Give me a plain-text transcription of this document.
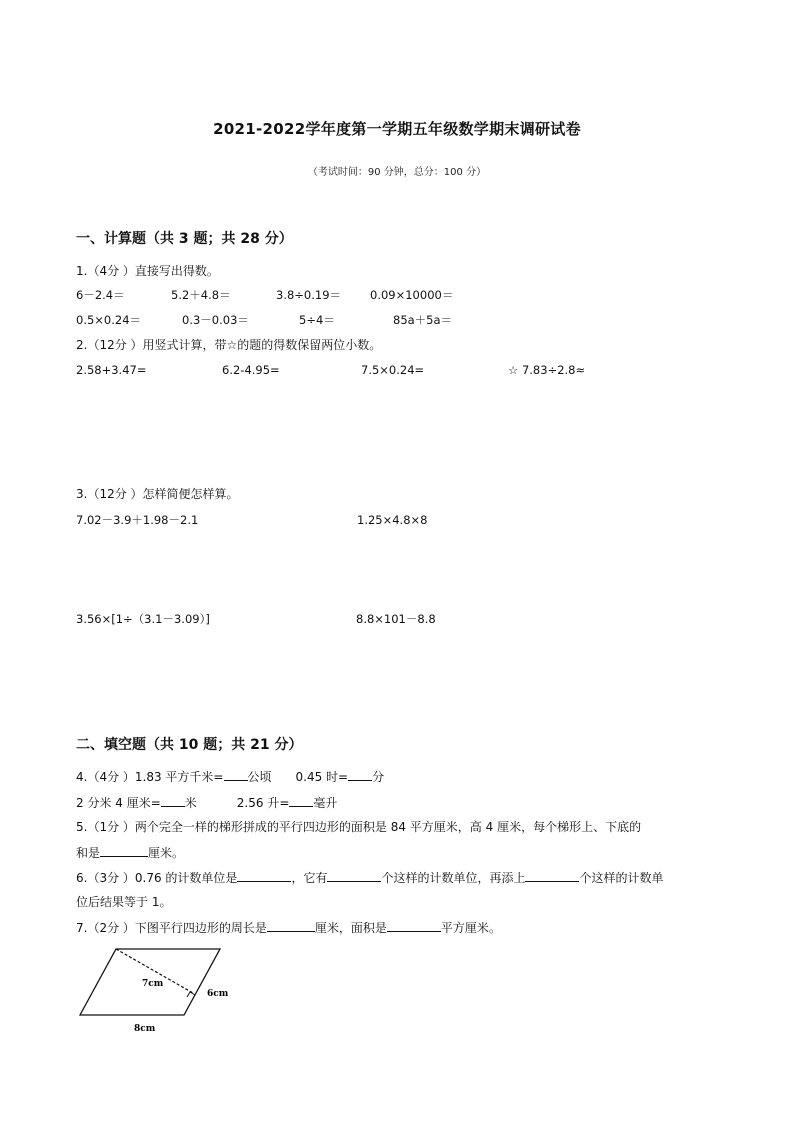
2021-2022学年度第一学期五年级数学期末调研试卷
（考试时间：90 分钟，总分：100 分）
一、计算题（共 3 题；共 28 分）
1.（4分 ）直接写出得数。
6－2.4＝	5.2＋4.8＝	3.8÷0.19＝	0.09×10000＝
0.5×0.24＝	0.3－0.03＝	5÷4＝	85a＋5a＝
2.（12分 ）用竖式计算，带☆的题的得数保留两位小数。
2.58+3.47=	6.2-4.95=	7.5×0.24=	☆ 7.83÷2.8≈
3.（12分 ）怎样简便怎样算。
7.02－3.9＋1.98－2.1	1.25×4.8×8
3.56×[1÷（3.1－3.09）]	8.8×101－8.8
二、填空题（共 10 题；共 21 分）
4.（4分 ）1.83 平方千米= 公顷 0.45 时= 分
2 分米 4 厘米= 米	2.56 升= 毫升
5.（1分 ）两个完全一样的梯形拼成的平行四边形的面积是 84 平方厘米，高 4 厘米，每个梯形上、下底的
和是	厘米。
6.（3分 ）0.76 的计数单位是	，它有	个这样的计数单位，再添上	个这样的计数单
位后结果等于 1。
7.（2分 ）下图平行四边形的周长是	厘米，面积是	平方厘米。
7cm
6cm
8cm
